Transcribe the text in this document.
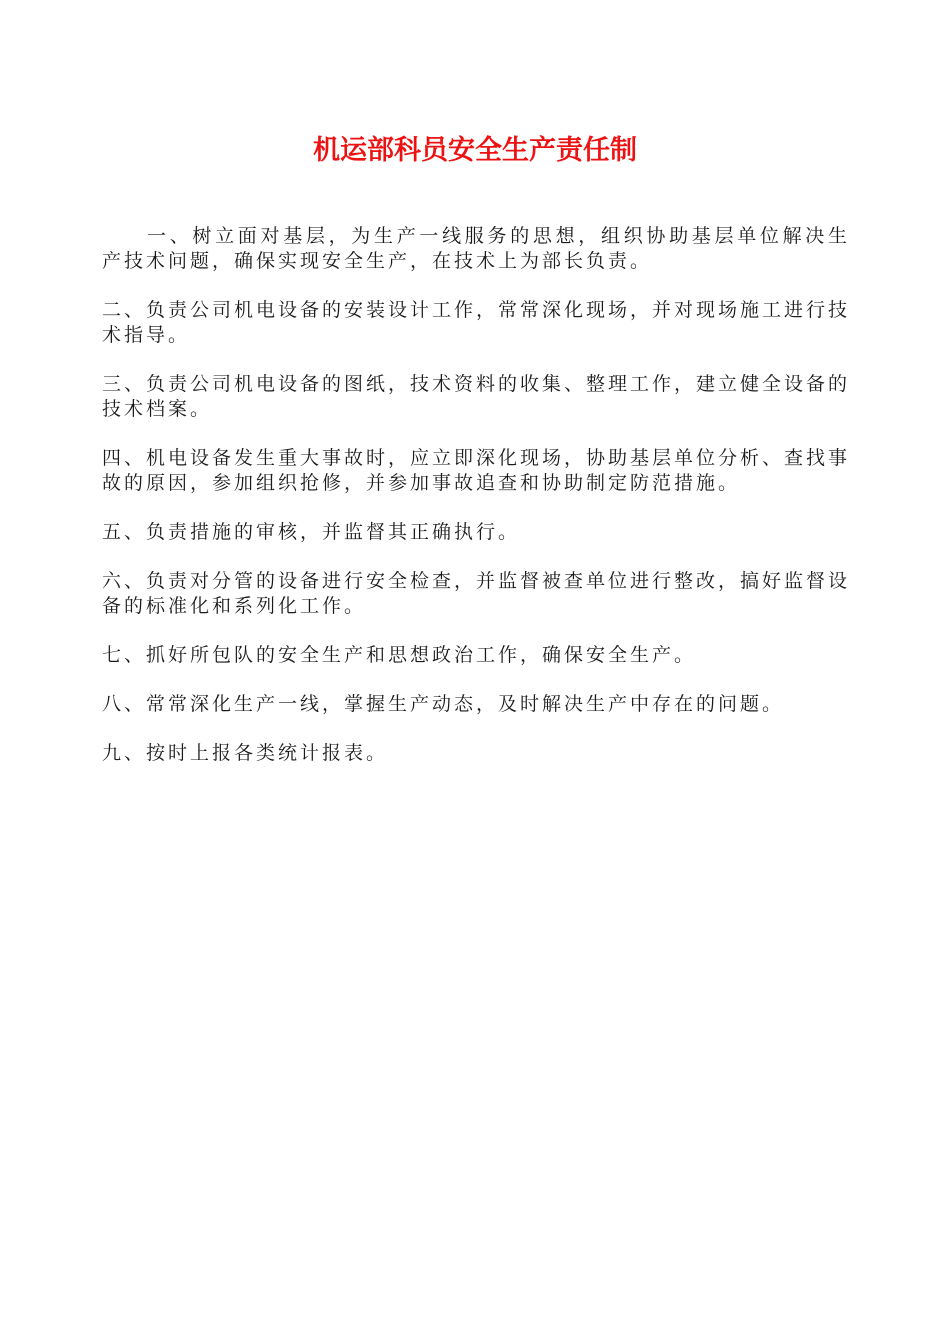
机运部科员安全生产责任制

一、树立面对基层，为生产一线服务的思想，组织协助基层单位解决生产技术问题，确保实现安全生产，在技术上为部长负责。

二、负责公司机电设备的安装设计工作，常常深化现场，并对现场施工进行技术指导。

三、负责公司机电设备的图纸，技术资料的收集、整理工作，建立健全设备的技术档案。

四、机电设备发生重大事故时，应立即深化现场，协助基层单位分析、查找事故的原因，参加组织抢修，并参加事故追查和协助制定防范措施。

五、负责措施的审核，并监督其正确执行。

六、负责对分管的设备进行安全检查，并监督被查单位进行整改，搞好监督设备的标准化和系列化工作。

七、抓好所包队的安全生产和思想政治工作，确保安全生产。

八、常常深化生产一线，掌握生产动态，及时解决生产中存在的问题。

九、按时上报各类统计报表。
